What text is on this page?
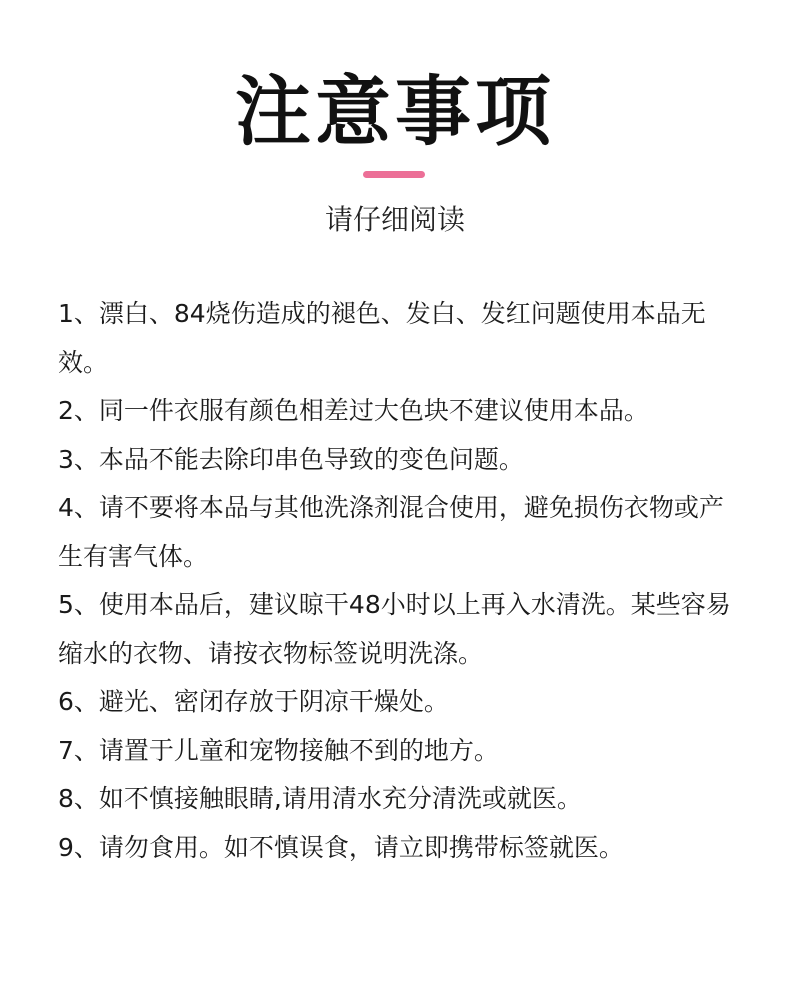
注意事项
请仔细阅读
1、漂白、84烧伤造成的褪色、发白、发红问题使用本品无效。
2、同一件衣服有颜色相差过大色块不建议使用本品。
3、本品不能去除印串色导致的变色问题。
4、请不要将本品与其他洗涤剂混合使用，避免损伤衣物或产生有害气体。
5、使用本品后，建议晾干48小时以上再入水清洗。某些容易缩水的衣物、请按衣物标签说明洗涤。
6、避光、密闭存放于阴凉干燥处。
7、请置于儿童和宠物接触不到的地方。
8、如不慎接触眼睛,请用清水充分清洗或就医。
9、请勿食用。如不慎误食，请立即携带标签就医。
